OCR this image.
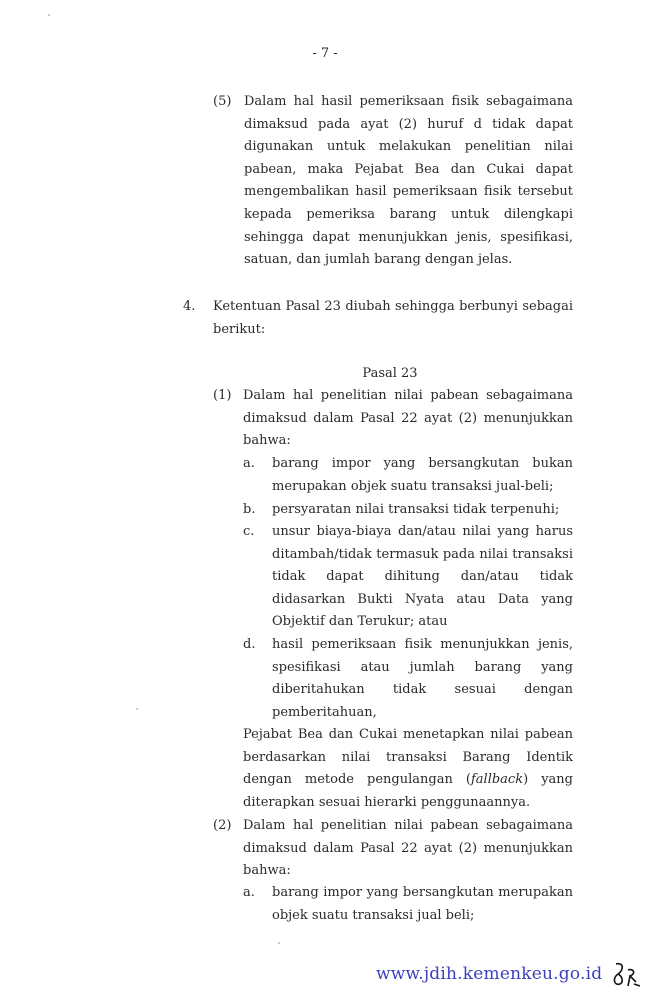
- 7 -
Pasal 23
(5) Dalam hal hasil pemeriksaan fisik sebagaimana
dimaksud pada ayat (2) huruf d tidak dapat
digunakan untuk melakukan penelitian nilai
pabean, maka Pejabat Bea dan Cukai dapat
mengembalikan hasil pemeriksaan fisik tersebut
kepada pemeriksa barang untuk dilengkapi
sehingga dapat menunjukkan jenis, spesifikasi,
satuan, dan jumlah barang dengan jelas.
4. Ketentuan Pasal 23 diubah sehingga berbunyi sebagai
berikut:
(1) Dalam hal penelitian nilai pabean sebagaimana
dimaksud dalam Pasal 22 ayat (2) menunjukkan
bahwa:
a. barang impor yang bersangkutan bukan
merupakan objek suatu transaksi jual-beli;
b. persyaratan nilai transaksi tidak terpenuhi;
c. unsur biaya-biaya dan/atau nilai yang harus
ditambah/tidak termasuk pada nilai transaksi
tidak dapat dihitung dan/atau tidak
didasarkan Bukti Nyata atau Data yang
Objektif dan Terukur; atau
d. hasil pemeriksaan fisik menunjukkan jenis,
spesifikasi atau jumlah barang yang
diberitahukan tidak sesuai dengan
pemberitahuan,
Pejabat Bea dan Cukai menetapkan nilai pabean
berdasarkan nilai transaksi Barang Identik
dengan metode pengulangan (fallback) yang
diterapkan sesuai hierarki penggunaannya.
(2) Dalam hal penelitian nilai pabean sebagaimana
dimaksud dalam Pasal 22 ayat (2) menunjukkan
bahwa:
a. barang impor yang bersangkutan merupakan
objek suatu transaksi jual beli;
www.jdih.kemenkeu.go.id
